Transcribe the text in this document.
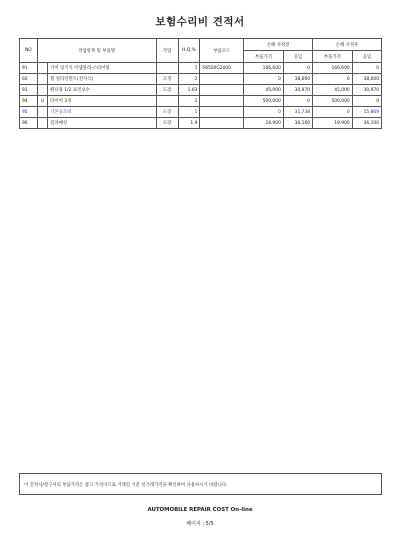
보험수리비 견적서
NO	작업항목 및 부품명		작업	H,Q,%	부품코드	손해 사정전		손해 사정후	
						부품가격	공임	부품가격	공임
91		기어 링키지 어셈블리-스티어링		1	56500G2000	166,600	0	166,600	0
92		휠 얼라인먼트(전자식)	조정	2		0	38,000	0	38,000
93		펜더용 1/2 표면보수	도장	1.63		45,000	30,970	45,000	30,970
94	U	타이어 3개		1		500,000	0	500,000	0
95		기본공조비	도장	1		0	31,738	0	15,869
96		컴파메칭	도장	1.9		18,900	36,100	18,900	36,100
이 견적서/청구서의 부품가격은 참고 가격이므로 거래일 기준 실거래가격을 확인하여 사용하시기 바랍니다.
AUTOMOBILE REPAIR COST On-line
페이지 : 5/5
